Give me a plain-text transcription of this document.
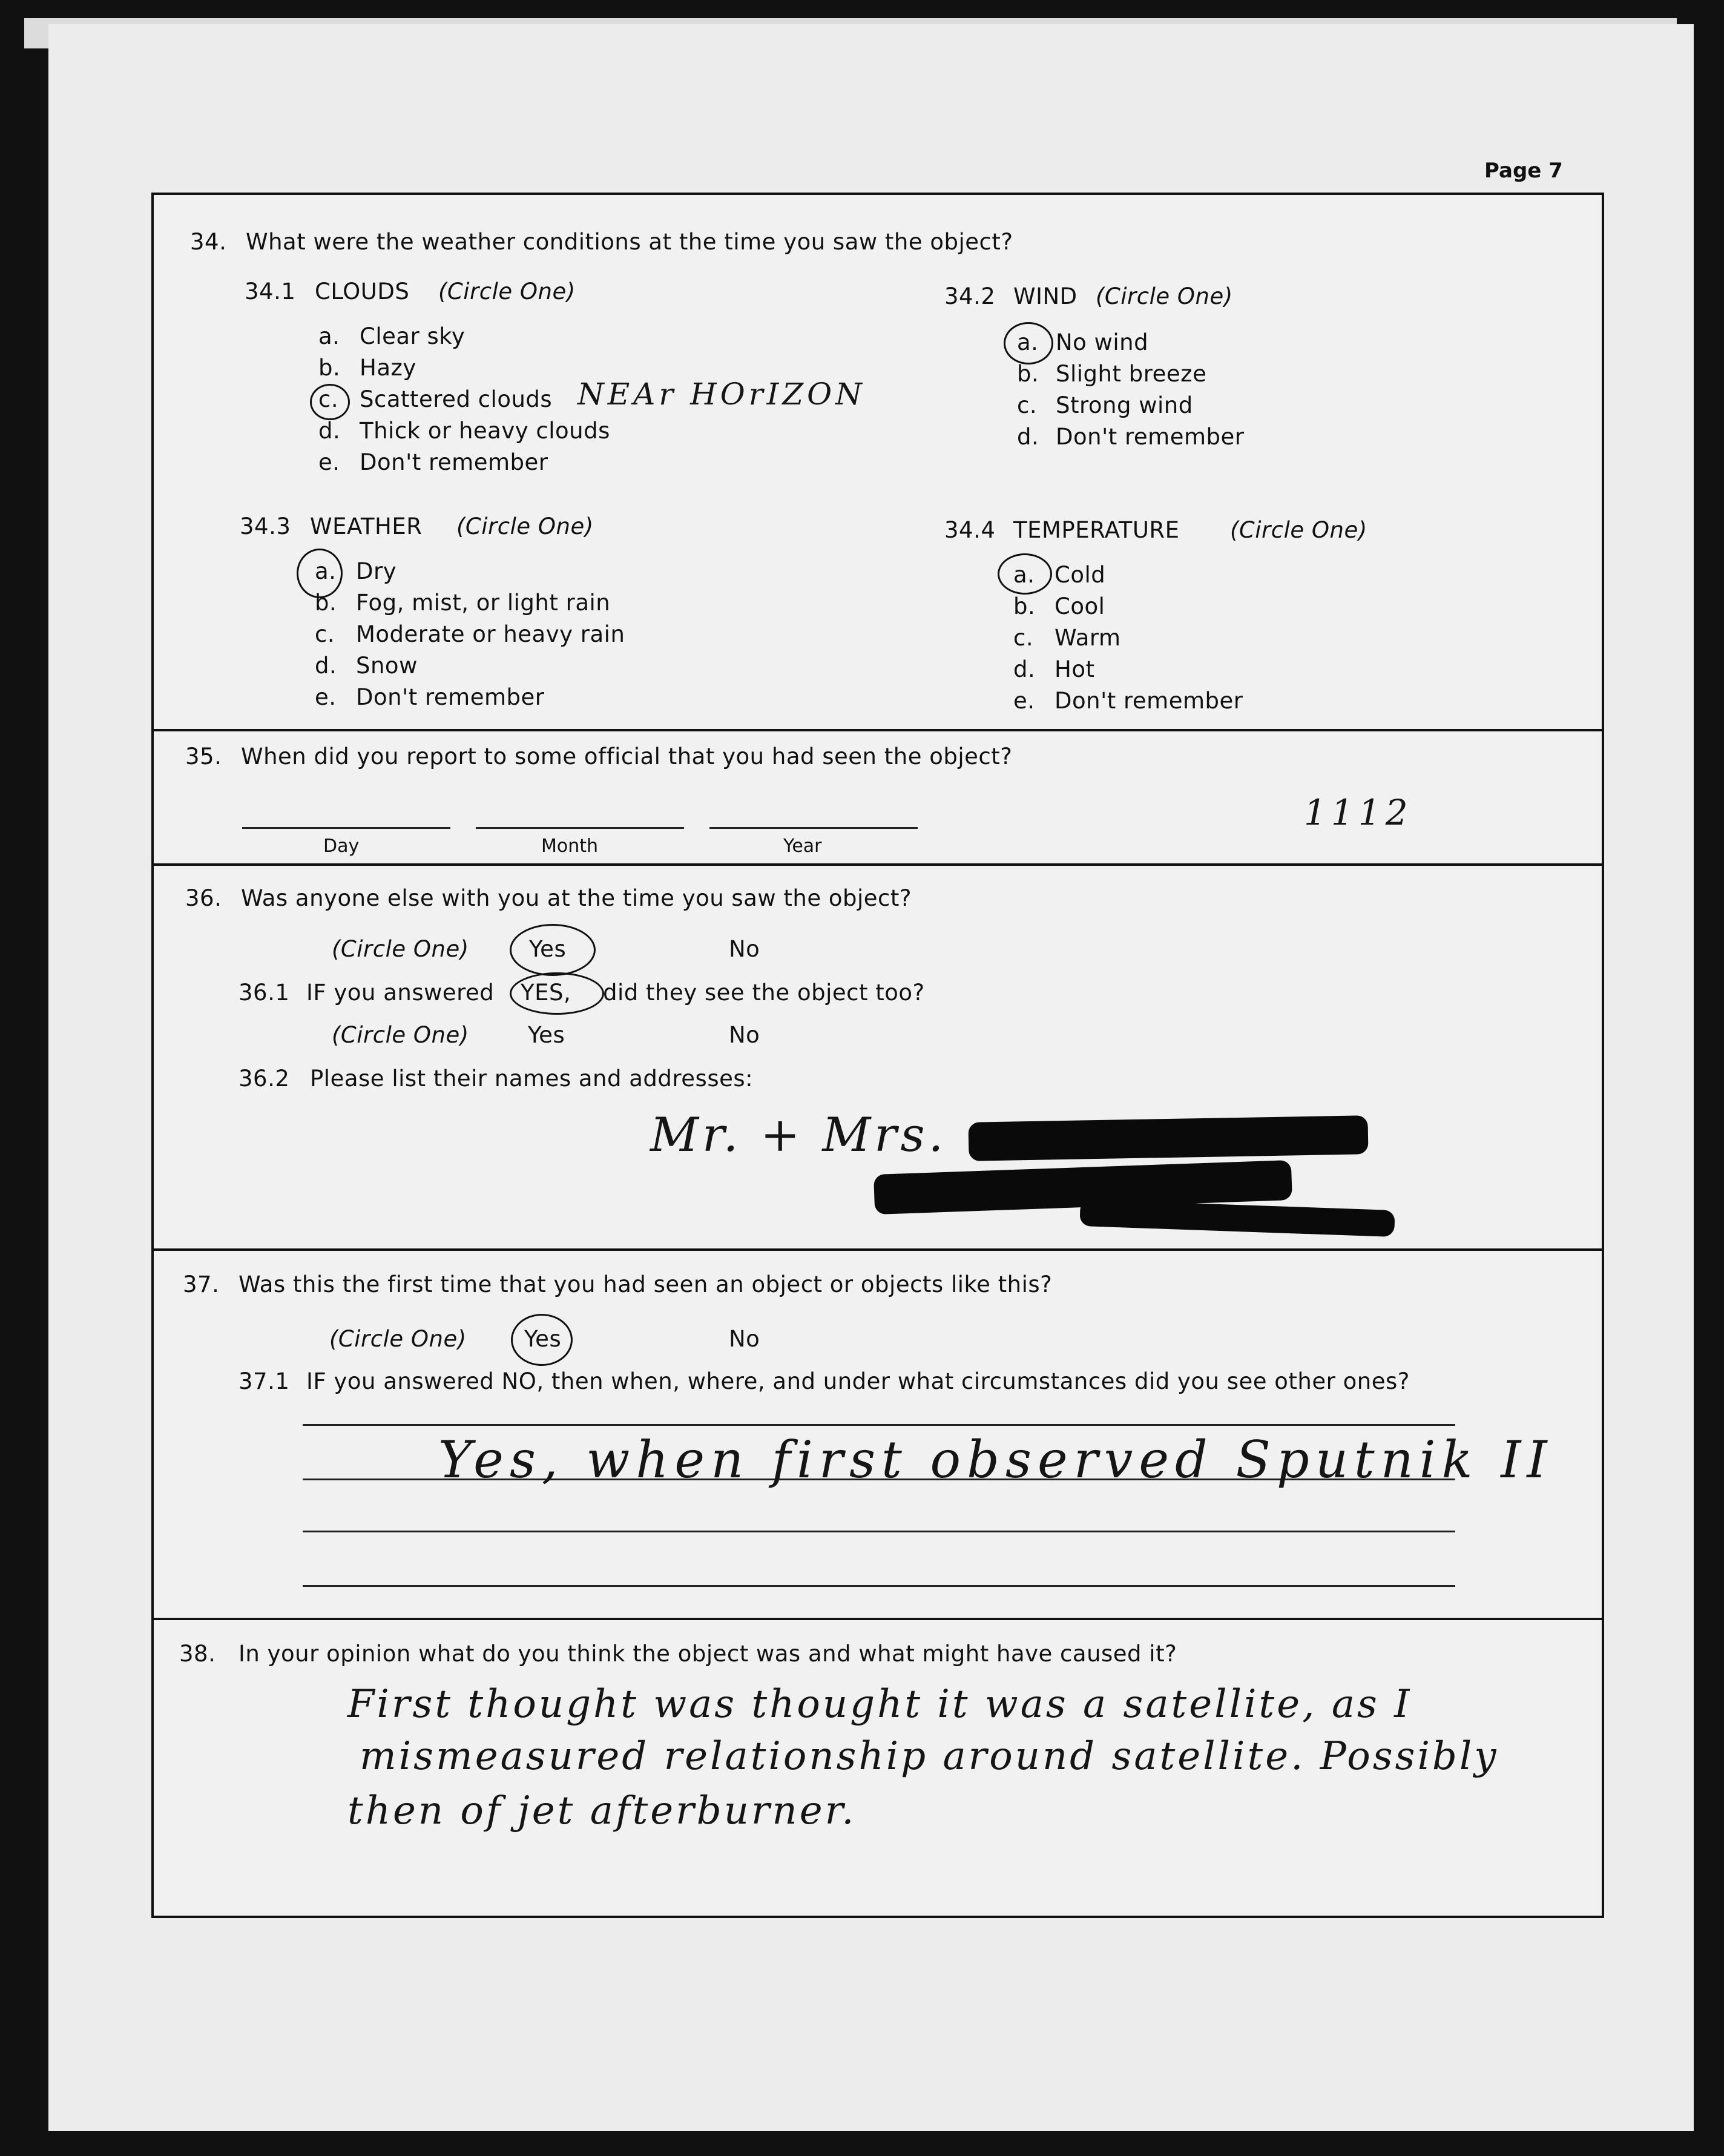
Page 7
34. What were the weather conditions at the time you saw the object?
34.1 CLOUDS (Circle One)
a. Clear sky
b. Hazy
c. Scattered clouds NEAr HOrIZON
d. Thick or heavy clouds
e. Don't remember
34.2 WIND (Circle One)
a. No wind
b. Slight breeze
c. Strong wind
d. Don't remember
34.3 WEATHER (Circle One)
a. Dry
b. Fog, mist, or light rain
c. Moderate or heavy rain
d. Snow
e. Don't remember
34.4 TEMPERATURE (Circle One)
a. Cold
b. Cool
c. Warm
d. Hot
e. Don't remember
35. When did you report to some official that you had seen the object?
Day	Month	Year
1112
36. Was anyone else with you at the time you saw the object?
(Circle One)	Yes	No
36.1 IF you answered YES, did they see the object too?
(Circle One)	Yes	No
36.2 Please list their names and addresses:
Mr. + Mrs.
37. Was this the first time that you had seen an object or objects like this?
(Circle One)	Yes	No
37.1 IF you answered NO, then when, where, and under what circumstances did you see other ones?
Yes, when first observed Sputnik II
38. In your opinion what do you think the object was and what might have caused it?
First thought was thought it was a satellite, as I
mismeasured relationship around satellite. Possibly
then of jet afterburner.
